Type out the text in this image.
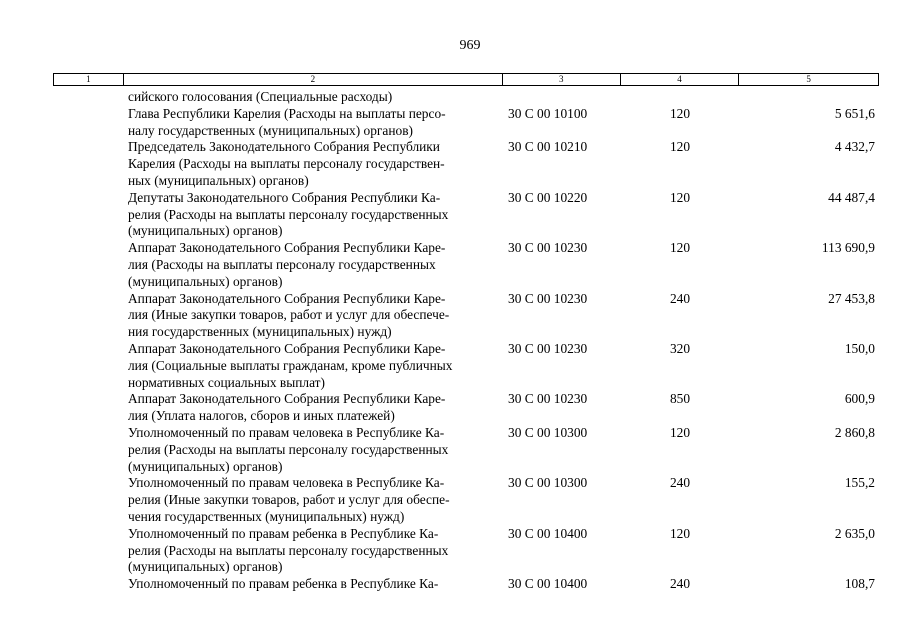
969
1	2	3	4	5
сийского голосования (Специальные расходы)
Глава Республики Карелия (Расходы на выплаты персо-
налу государственных (муниципальных) органов)
30 С 00 10100	120	5 651,6
Председатель Законодательного Собрания Республики
Карелия (Расходы на выплаты персоналу государствен-
ных (муниципальных) органов)
30 С 00 10210	120	4 432,7
Депутаты Законодательного Собрания Республики Ка-
релия (Расходы на выплаты персоналу государственных
(муниципальных) органов)
30 С 00 10220	120	44 487,4
Аппарат Законодательного Собрания Республики Каре-
лия (Расходы на выплаты персоналу государственных
(муниципальных) органов)
30 С 00 10230	120	113 690,9
Аппарат Законодательного Собрания Республики Каре-
лия (Иные закупки товаров, работ и услуг для обеспече-
ния государственных (муниципальных) нужд)
30 С 00 10230	240	27 453,8
Аппарат Законодательного Собрания Республики Каре-
лия (Социальные выплаты гражданам, кроме публичных
нормативных социальных выплат)
30 С 00 10230	320	150,0
Аппарат Законодательного Собрания Республики Каре-
лия (Уплата налогов, сборов и иных платежей)
30 С 00 10230	850	600,9
Уполномоченный по правам человека в Республике Ка-
релия (Расходы на выплаты персоналу государственных
(муниципальных) органов)
30 С 00 10300	120	2 860,8
Уполномоченный по правам человека в Республике Ка-
релия (Иные закупки товаров, работ и услуг для обеспе-
чения государственных (муниципальных) нужд)
30 С 00 10300	240	155,2
Уполномоченный по правам ребенка в Республике Ка-
релия (Расходы на выплаты персоналу государственных
(муниципальных) органов)
30 С 00 10400	120	2 635,0
Уполномоченный по правам ребенка в Республике Ка-	30 С 00 10400	240	108,7
